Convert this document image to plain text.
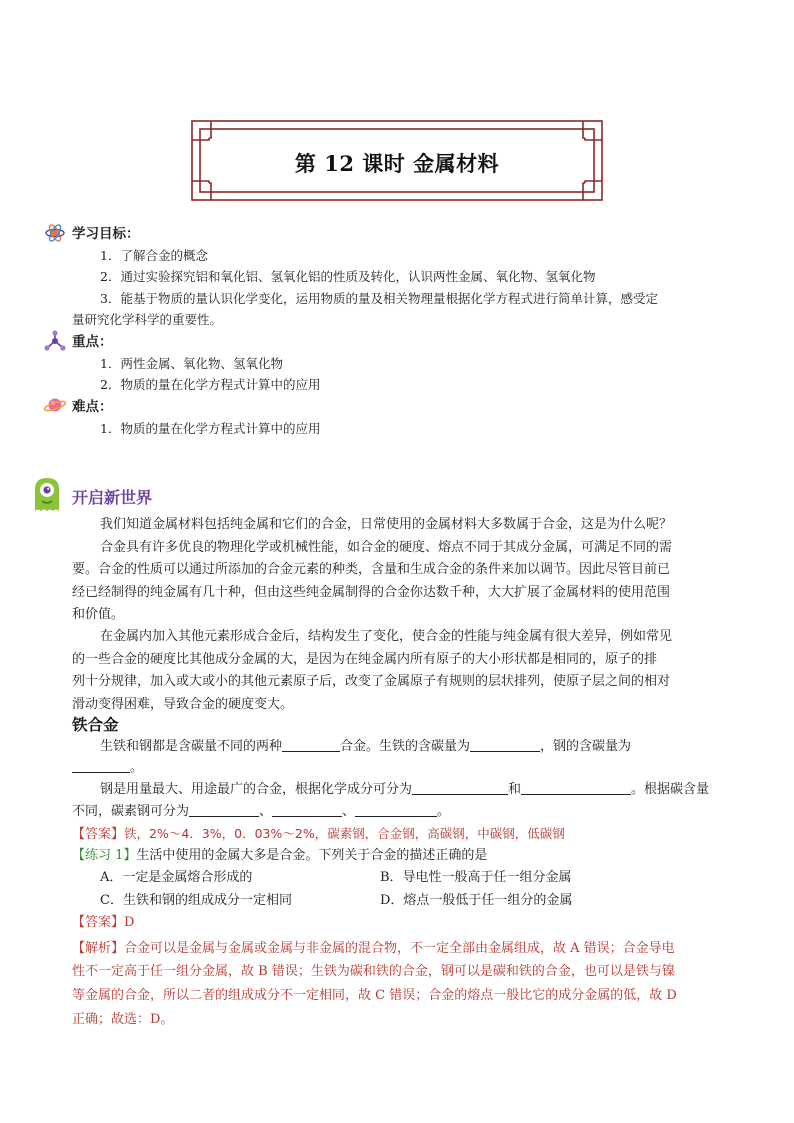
第 12 课时 金属材料
学习目标：
1．了解合金的概念
2．通过实验探究铝和氧化铝、氢氧化铝的性质及转化，认识两性金属、氧化物、氢氧化物
3．能基于物质的量认识化学变化，运用物质的量及相关物理量根据化学方程式进行简单计算，感受定
量研究化学科学的重要性。
重点：
1．两性金属、氧化物、氢氧化物
2．物质的量在化学方程式计算中的应用
难点：
1．物质的量在化学方程式计算中的应用
开启新世界
我们知道金属材料包括纯金属和它们的合金，日常使用的金属材料大多数属于合金，这是为什么呢？
合金具有许多优良的物理化学或机械性能，如合金的硬度、熔点不同于其成分金属，可满足不同的需
要。合金的性质可以通过所添加的合金元素的种类，含量和生成合金的条件来加以调节。因此尽管目前已
经已经制得的纯金属有几十种，但由这些纯金属制得的合金你达数千种，大大扩展了金属材料的使用范围
和价值。
在金属内加入其他元素形成合金后，结构发生了变化，使合金的性能与纯金属有很大差异，例如常见
的一些合金的硬度比其他成分金属的大，是因为在纯金属内所有原子的大小形状都是相同的，原子的排
列十分规律，加入或大或小的其他元素原子后，改变了金属原子有规则的层状排列，使原子层之间的相对
滑动变得困难，导致合金的硬度变大。
铁合金
生铁和钢都是含碳量不同的两种	合金。生铁的含碳量为	，钢的含碳量为
。
钢是用量最大、用途最广的合金，根据化学成分可分为	和	。根据碳含量
不同，碳素钢可分为	、	、	。
【答案】铁，2%～4．3%，0．03%～2%，碳素钢，合金钢，高碳钢，中碳钢，低碳钢
【练习 1】生活中使用的金属大多是合金。下列关于合金的描述正确的是
A．一定是金属熔合形成的	B．导电性一般高于任一组分金属
C．生铁和钢的组成成分一定相同	D．熔点一般低于任一组分的金属
【答案】D
【解析】合金可以是金属与金属或金属与非金属的混合物，不一定全部由金属组成，故 A 错误；合金导电
性不一定高于任一组分金属，故 B 错误；生铁为碳和铁的合金，钢可以是碳和铁的合金，也可以是铁与镍
等金属的合金，所以二者的组成成分不一定相同，故 C 错误；合金的熔点一般比它的成分金属的低，故 D
正确；故选：D。
